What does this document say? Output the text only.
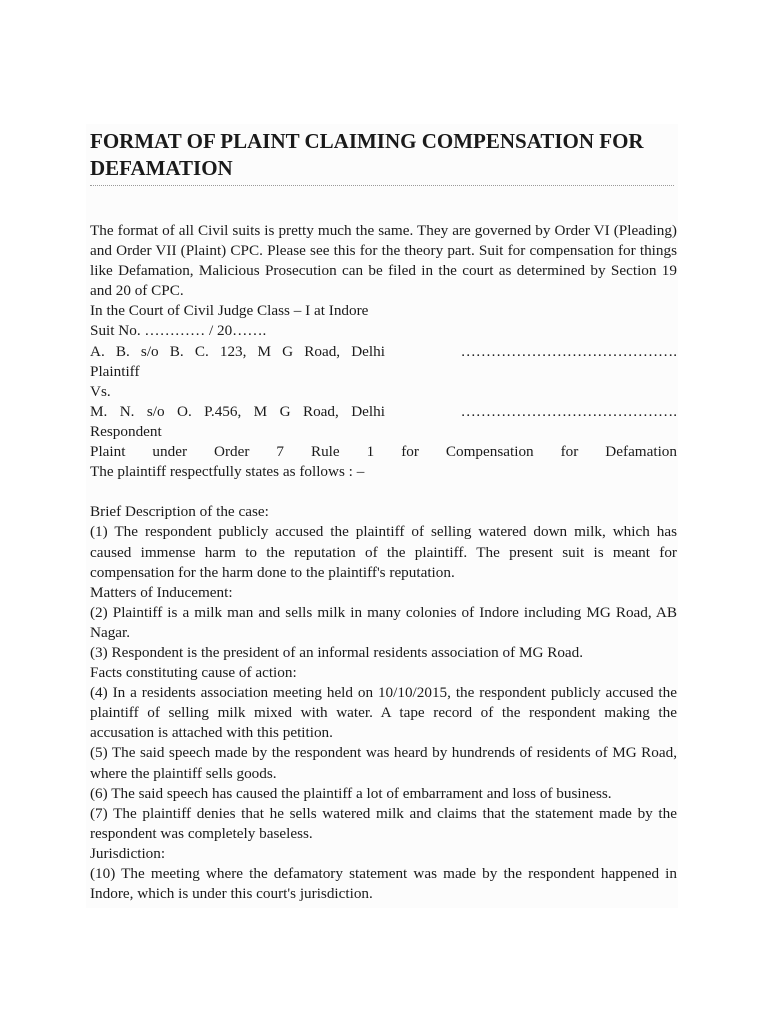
FORMAT OF PLAINT CLAIMING COMPENSATION FOR DEFAMATION

The format of all Civil suits is pretty much the same. They are governed by Order VI (Pleading) and Order VII (Plaint) CPC. Please see this for the theory part. Suit for compensation for things like Defamation, Malicious Prosecution can be filed in the court as determined by Section 19 and 20 of CPC.

In the Court of Civil Judge Class – I at Indore

Suit No. ………… / 20…….

A. B. s/o B. C. 123, M G Road, Delhi	…………………………………….

Plaintiff

Vs.

M. N. s/o O. P.456, M G Road, Delhi	…………………………………….

Respondent

Plaint under Order 7 Rule 1 for Compensation for Defamation

The plaintiff respectfully states as follows : –

Brief Description of the case:

(1) The respondent publicly accused the plaintiff of selling watered down milk, which has caused immense harm to the reputation of the plaintiff. The present suit is meant for compensation for the harm done to the plaintiff's reputation.

Matters of Inducement:

(2) Plaintiff is a milk man and sells milk in many colonies of Indore including MG Road, AB Nagar.

(3) Respondent is the president of an informal residents association of MG Road.

Facts constituting cause of action:

(4) In a residents association meeting held on 10/10/2015, the respondent publicly accused the plaintiff of selling milk mixed with water. A tape record of the respondent making the accusation is attached with this petition.

(5) The said speech made by the respondent was heard by hundrends of residents of MG Road, where the plaintiff sells goods.

(6) The said speech has caused the plaintiff a lot of embarrament and loss of business.

(7) The plaintiff denies that he sells watered milk and claims that the statement made by the respondent was completely baseless.

Jurisdiction:

(10) The meeting where the defamatory statement was made by the respondent happened in Indore, which is under this court's jurisdiction.
